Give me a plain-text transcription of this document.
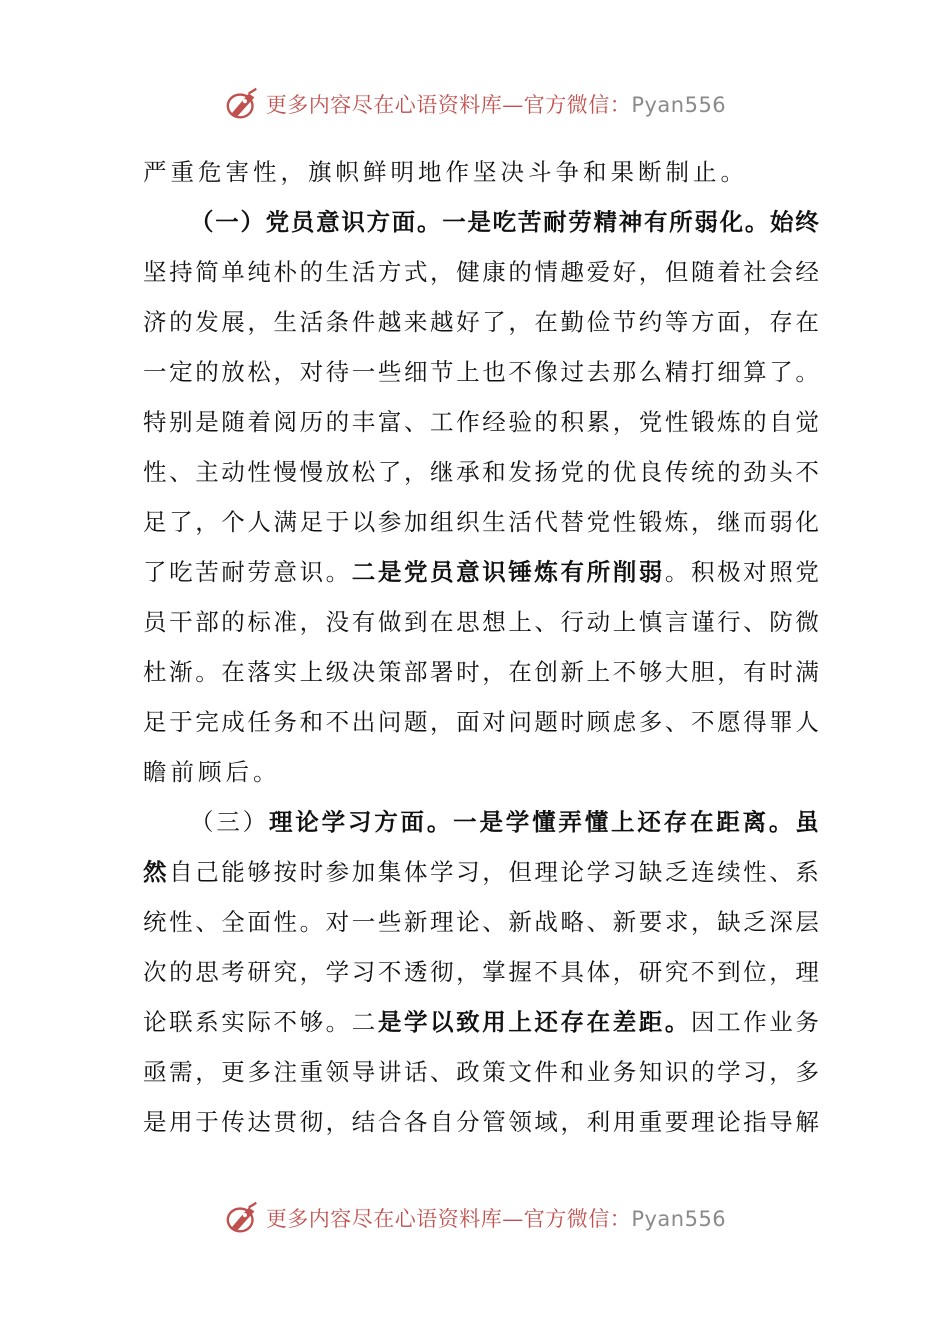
更多内容尽在心语资料库—官方微信：Pyan556
严 重 危 害 性 ， 旗 帜 鲜 明 地 作 坚 决 斗 争 和 果 断 制 止 。
（ 一 ） 党 员 意 识 方 面 。 一 是 吃 苦 耐 劳 精 神 有 所 弱 化 。 始 终
坚 持 简 单 纯 朴 的 生 活 方 式 ， 健 康 的 情 趣 爱 好 ， 但 随 着 社 会 经
济 的 发 展 ， 生 活 条 件 越 来 越 好 了 ， 在 勤 俭 节 约 等 方 面 ， 存 在
一 定 的 放 松 ， 对 待 一 些 细 节 上 也 不 像 过 去 那 么 精 打 细 算 了 。
特 别 是 随 着 阅 历 的 丰 富 、 工 作 经 验 的 积 累 ， 党 性 锻 炼 的 自 觉
性 、 主 动 性 慢 慢 放 松 了 ， 继 承 和 发 扬 党 的 优 良 传 统 的 劲 头 不
足 了 ， 个 人 满 足 于 以 参 加 组 织 生 活 代 替 党 性 锻 炼 ， 继 而 弱 化
了 吃 苦 耐 劳 意 识 。 二 是 党 员 意 识 锤 炼 有 所 削 弱 。 积 极 对 照 党
员 干 部 的 标 准 ， 没 有 做 到 在 思 想 上 、 行 动 上 慎 言 谨 行 、 防 微
杜 渐 。 在 落 实 上 级 决 策 部 署 时 ， 在 创 新 上 不 够 大 胆 ， 有 时 满
足 于 完 成 任 务 和 不 出 问 题 ， 面 对 问 题 时 顾 虑 多 、 不 愿 得 罪 人
瞻 前 顾 后 。
（ 三 ） 理 论 学 习 方 面 。 一 是 学 懂 弄 懂 上 还 存 在 距 离 。 虽
然 自 己 能 够 按 时 参 加 集 体 学 习 ， 但 理 论 学 习 缺 乏 连 续 性 、 系
统 性 、 全 面 性 。 对 一 些 新 理 论 、 新 战 略 、 新 要 求 ， 缺 乏 深 层
次 的 思 考 研 究 ， 学 习 不 透 彻 ， 掌 握 不 具 体 ， 研 究 不 到 位 ， 理
论 联 系 实 际 不 够 。 二 是 学 以 致 用 上 还 存 在 差 距 。 因 工 作 业 务
亟 需 ， 更 多 注 重 领 导 讲 话 、 政 策 文 件 和 业 务 知 识 的 学 习 ， 多
是 用 于 传 达 贯 彻 ， 结 合 各 自 分 管 领 域 ， 利 用 重 要 理 论 指 导 解
更多内容尽在心语资料库—官方微信：Pyan556
